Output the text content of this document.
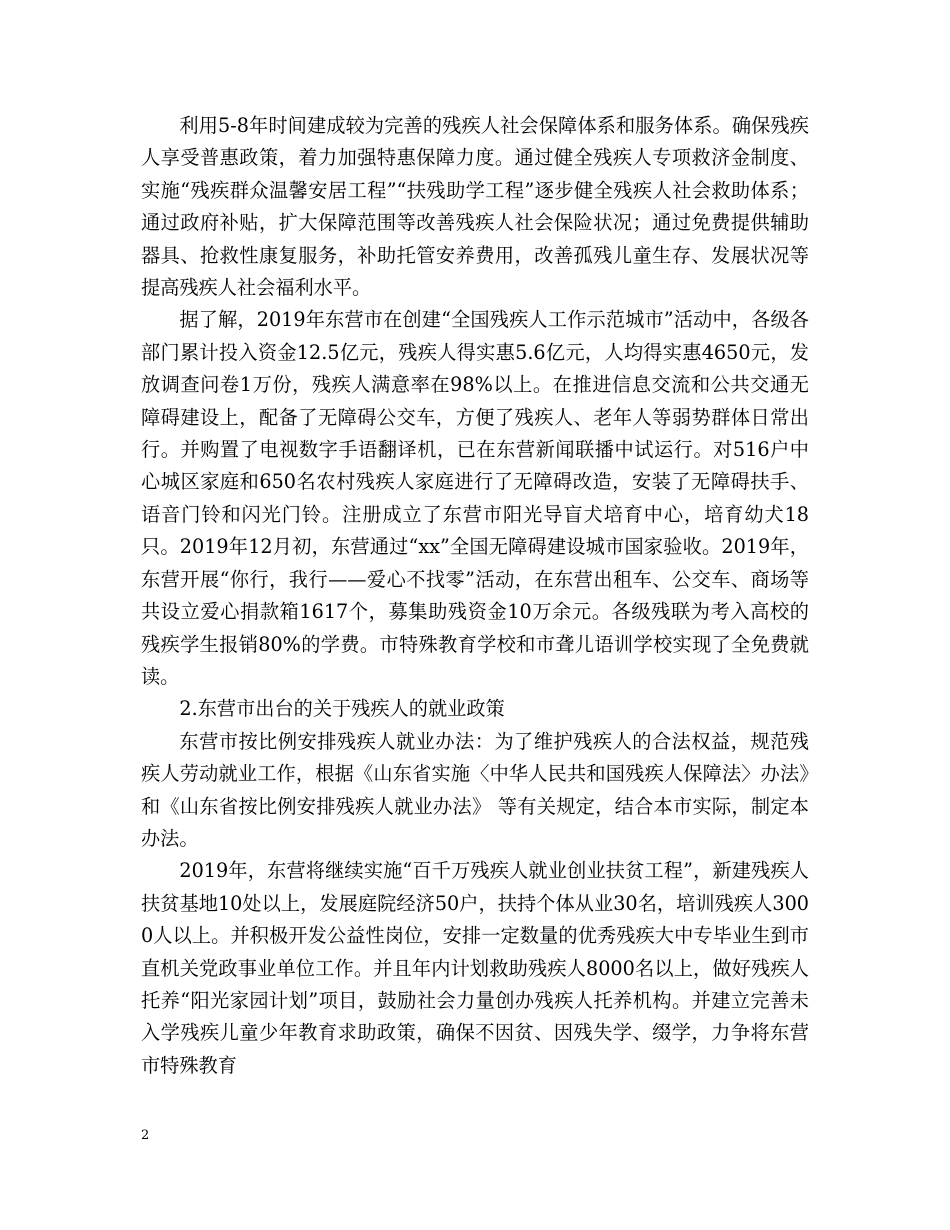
利用5-8年时间建成较为完善的残疾人社会保障体系和服务体系。确保残疾人享受普惠政策，着力加强特惠保障力度。通过健全残疾人专项救济金制度、实施“残疾群众温馨安居工程”“扶残助学工程”逐步健全残疾人社会救助体系；通过政府补贴，扩大保障范围等改善残疾人社会保险状况；通过免费提供辅助器具、抢救性康复服务，补助托管安养费用，改善孤残儿童生存、发展状况等提高残疾人社会福利水平。

据了解，2019年东营市在创建“全国残疾人工作示范城市”活动中，各级各部门累计投入资金12.5亿元，残疾人得实惠5.6亿元，人均得实惠4650元，发放调查问卷1万份，残疾人满意率在98%以上。在推进信息交流和公共交通无障碍建设上，配备了无障碍公交车，方便了残疾人、老年人等弱势群体日常出行。并购置了电视数字手语翻译机，已在东营新闻联播中试运行。对516户中心城区家庭和650名农村残疾人家庭进行了无障碍改造，安装了无障碍扶手、语音门铃和闪光门铃。注册成立了东营市阳光导盲犬培育中心，培育幼犬18只。2019年12月初，东营通过“xx”全国无障碍建设城市国家验收。2019年，东营开展“你行，我行——爱心不找零”活动，在东营出租车、公交车、商场等共设立爱心捐款箱1617个，募集助残资金10万余元。各级残联为考入高校的残疾学生报销80%的学费。市特殊教育学校和市聋儿语训学校实现了全免费就读。

2.东营市出台的关于残疾人的就业政策

东营市按比例安排残疾人就业办法：为了维护残疾人的合法权益，规范残疾人劳动就业工作，根据《山东省实施〈中华人民共和国残疾人保障法〉办法》和《山东省按比例安排残疾人就业办法》 等有关规定，结合本市实际，制定本办法。

2019年，东营将继续实施“百千万残疾人就业创业扶贫工程”，新建残疾人扶贫基地10处以上，发展庭院经济50户，扶持个体从业30名，培训残疾人3000人以上。并积极开发公益性岗位，安排一定数量的优秀残疾大中专毕业生到市直机关党政事业单位工作。并且年内计划救助残疾人8000名以上，做好残疾人托养“阳光家园计划”项目，鼓励社会力量创办残疾人托养机构。并建立完善未入学残疾儿童少年教育求助政策，确保不因贫、因残失学、缀学，力争将东营市特殊教育

2
